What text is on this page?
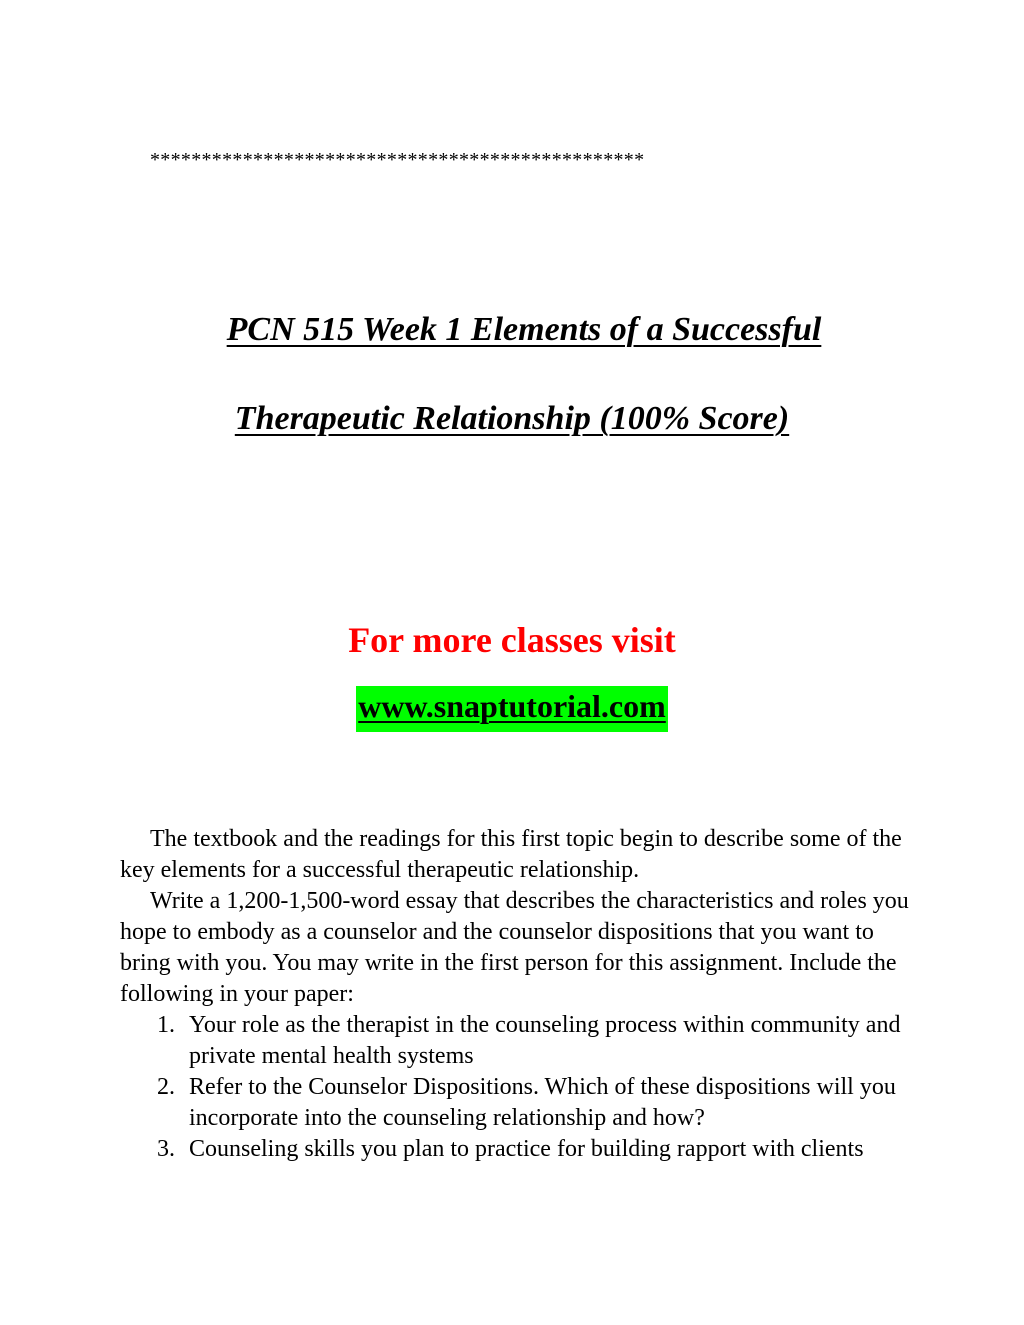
************************************************
PCN 515 Week 1 Elements of a Successful
Therapeutic Relationship (100% Score)
For more classes visit
www.snaptutorial.com

The textbook and the readings for this first topic begin to describe some of the key elements for a successful therapeutic relationship.

Write a 1,200-1,500-word essay that describes the characteristics and roles you hope to embody as a counselor and the counselor dispositions that you want to bring with you. You may write in the first person for this assignment. Include the following in your paper:

1. Your role as the therapist in the counseling process within community and private mental health systems
2. Refer to the Counselor Dispositions. Which of these dispositions will you incorporate into the counseling relationship and how?
3. Counseling skills you plan to practice for building rapport with clients
